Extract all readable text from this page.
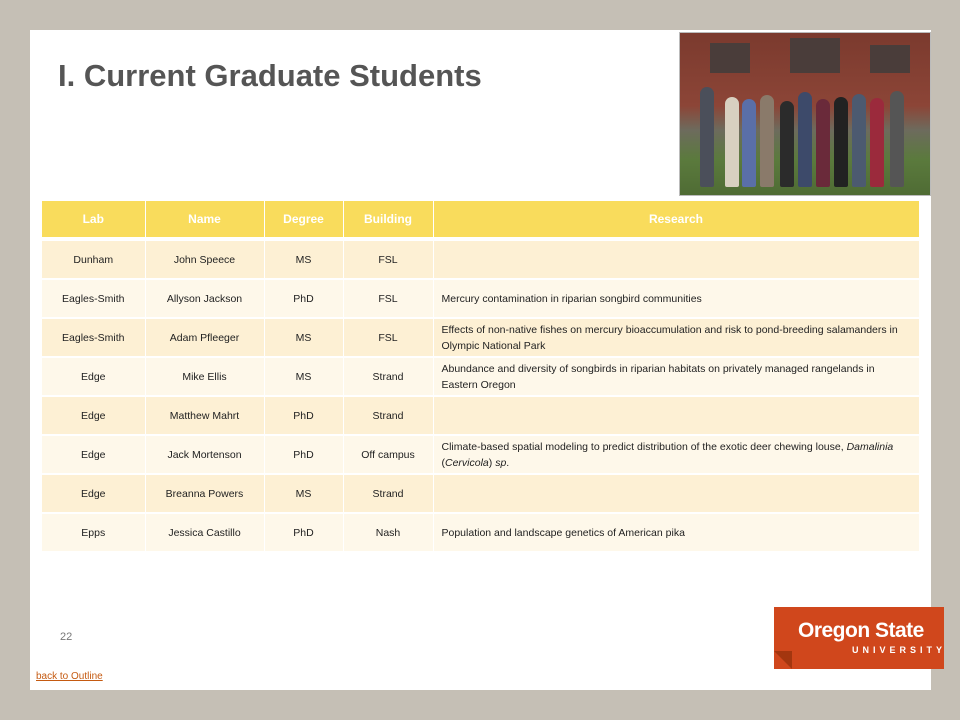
I. Current Graduate Students
Lab	Name	Degree	Building	Research
Dunham	John Speece	MS	FSL	
Eagles-Smith	Allyson Jackson	PhD	FSL	Mercury contamination in riparian songbird communities
Eagles-Smith	Adam Pfleeger	MS	FSL	Effects of non-native fishes on mercury bioaccumulation and risk to pond-breeding salamanders in Olympic National Park
Edge	Mike Ellis	MS	Strand	Abundance and diversity of songbirds in riparian habitats on privately managed rangelands in Eastern Oregon
Edge	Matthew Mahrt	PhD	Strand	
Edge	Jack Mortenson	PhD	Off campus	Climate-based spatial modeling to predict distribution of the exotic deer chewing louse, Damalinia (Cervicola) sp.
Edge	Breanna Powers	MS	Strand	
Epps	Jessica Castillo	PhD	Nash	Population and landscape genetics of American pika
22
back to Outline
Oregon State
UNIVERSITY
